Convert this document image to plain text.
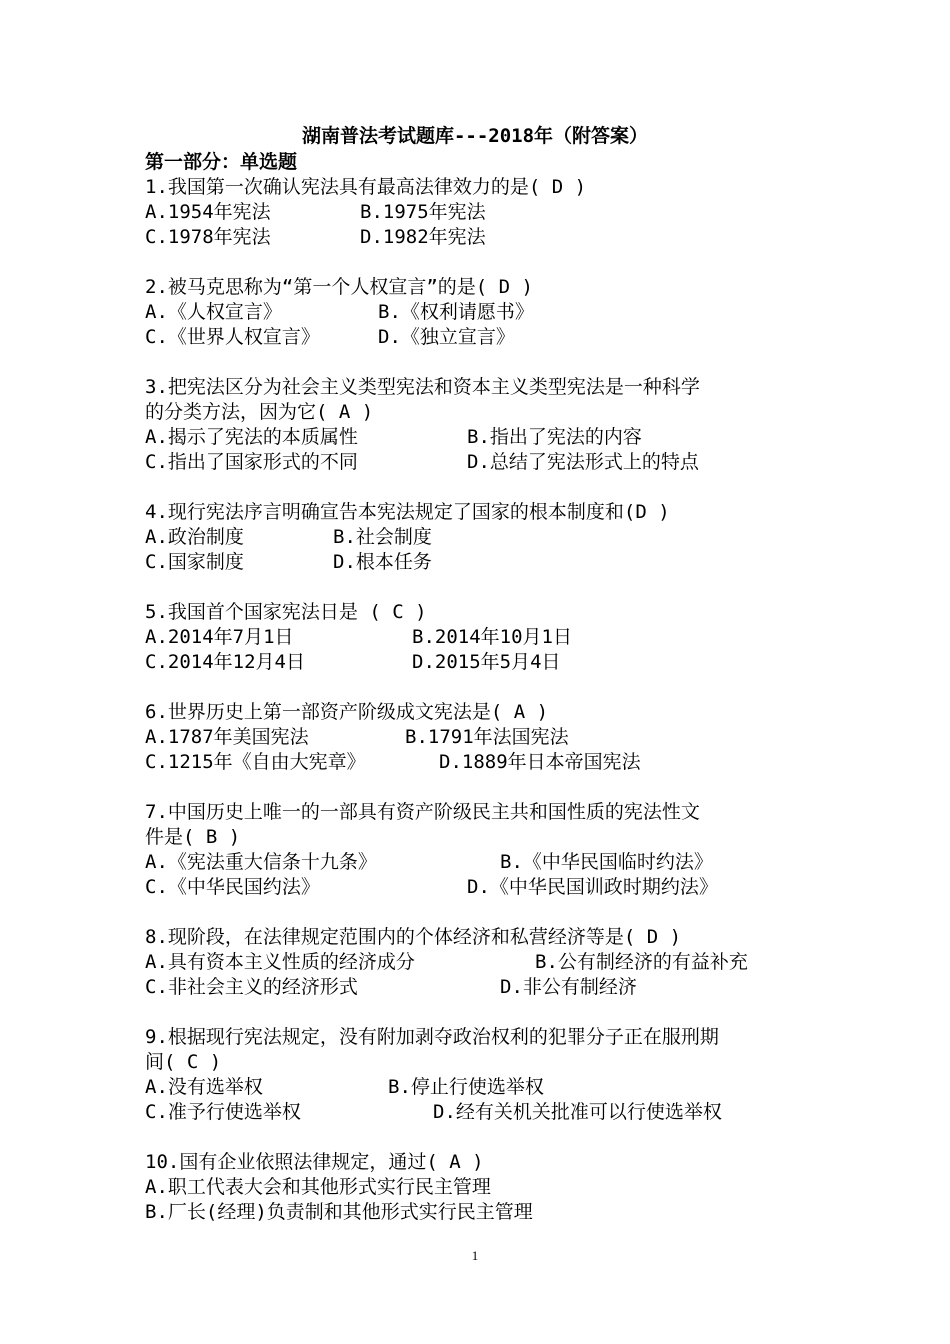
湖南普法考试题库---2018年（附答案）
第一部分：单选题
1.我国第一次确认宪法具有最高法律效力的是( D )
A.1954年宪法	B.1975年宪法
C.1978年宪法	D.1982年宪法
2.被马克思称为“第一个人权宣言”的是( D )
A.《人权宣言》	B.《权利请愿书》
C.《世界人权宣言》	D.《独立宣言》
3.把宪法区分为社会主义类型宪法和资本主义类型宪法是一种科学
的分类方法，因为它( A )
A.揭示了宪法的本质属性	B.指出了宪法的内容
C.指出了国家形式的不同	D.总结了宪法形式上的特点
4.现行宪法序言明确宣告本宪法规定了国家的根本制度和(D )
A.政治制度	B.社会制度
C.国家制度	D.根本任务
5.我国首个国家宪法日是 ( C )
A.2014年7月1日	B.2014年10月1日
C.2014年12月4日	D.2015年5月4日
6.世界历史上第一部资产阶级成文宪法是( A )
A.1787年美国宪法	B.1791年法国宪法
C.1215年《自由大宪章》	D.1889年日本帝国宪法
7.中国历史上唯一的一部具有资产阶级民主共和国性质的宪法性文
件是( B )
A.《宪法重大信条十九条》	B.《中华民国临时约法》
C.《中华民国约法》	D.《中华民国训政时期约法》
8.现阶段，在法律规定范围内的个体经济和私营经济等是( D )
A.具有资本主义性质的经济成分	B.公有制经济的有益补充
C.非社会主义的经济形式	D.非公有制经济
9.根据现行宪法规定，没有附加剥夺政治权利的犯罪分子正在服刑期
间( C )
A.没有选举权	B.停止行使选举权
C.准予行使选举权	D.经有关机关批准可以行使选举权
10.国有企业依照法律规定，通过( A )
A.职工代表大会和其他形式实行民主管理
B.厂长(经理)负责制和其他形式实行民主管理
1
